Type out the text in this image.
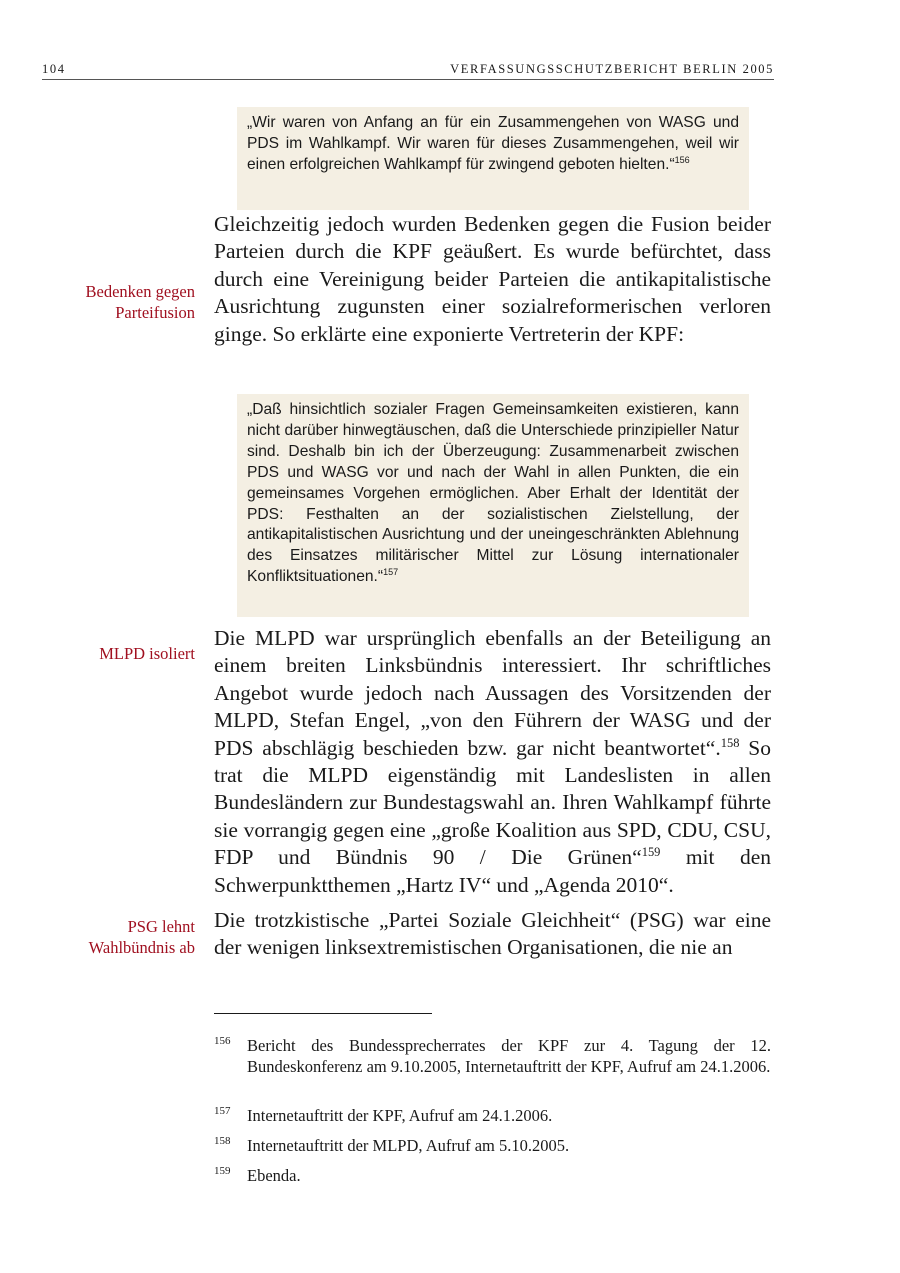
104	VERFASSUNGSSCHUTZBERICHT BERLIN 2005
„Wir waren von Anfang an für ein Zusammengehen von WASG und PDS im Wahlkampf. Wir waren für dieses Zusammengehen, weil wir einen erfolgreichen Wahlkampf für zwingend geboten hielten.“$^{156}$

Gleichzeitig jedoch wurden Bedenken gegen die Fusion beider Parteien durch die KPF geäußert. Es wurde befürchtet, dass durch eine Vereinigung beider Parteien die antikapitalistische Ausrichtung zugunsten einer sozialreformerischen verloren ginge. So erklärte eine exponierte Vertreterin der KPF:

Bedenken gegen
Parteifusion
„Daß hinsichtlich sozialer Fragen Gemeinsamkeiten existieren, kann nicht darüber hinwegtäuschen, daß die Unterschiede prinzipieller Natur sind. Deshalb bin ich der Überzeugung: Zusammenarbeit zwischen PDS und WASG vor und nach der Wahl in allen Punkten, die ein gemeinsames Vorgehen ermöglichen. Aber Erhalt der Identität der PDS: Festhalten an der sozialistischen Zielstellung, der antikapitalistischen Ausrichtung und der uneingeschränkten Ablehnung des Einsatzes militärischer Mittel zur Lösung internationaler Konfliktsituationen.“$^{157}$
MLPD isoliert

Die MLPD war ursprünglich ebenfalls an der Beteiligung an einem breiten Linksbündnis interessiert. Ihr schriftliches Angebot wurde jedoch nach Aussagen des Vorsitzenden der MLPD, Stefan Engel, „von den Führern der WASG und der PDS abschlägig beschieden bzw. gar nicht beantwortet“.$^{158}$ So trat die MLPD eigenständig mit Landeslisten in allen Bundesländern zur Bundestagswahl an. Ihren Wahlkampf führte sie vorrangig gegen eine „große Koalition aus SPD, CDU, CSU, FDP und Bündnis 90 / Die Grünen“$^{159}$ mit den Schwerpunktthemen „Hartz IV“ und „Agenda 2010“.

PSG lehnt
Wahlbündnis ab

Die trotzkistische „Partei Soziale Gleichheit“ (PSG) war eine der wenigen linksextremistischen Organisationen, die nie an

156 Bericht des Bundessprecherrates der KPF zur 4. Tagung der 12. Bundeskonferenz am 9.10.2005, Internetauftritt der KPF, Aufruf am 24.1.2006.
157 Internetauftritt der KPF, Aufruf am 24.1.2006.
158 Internetauftritt der MLPD, Aufruf am 5.10.2005.
159 Ebenda.
